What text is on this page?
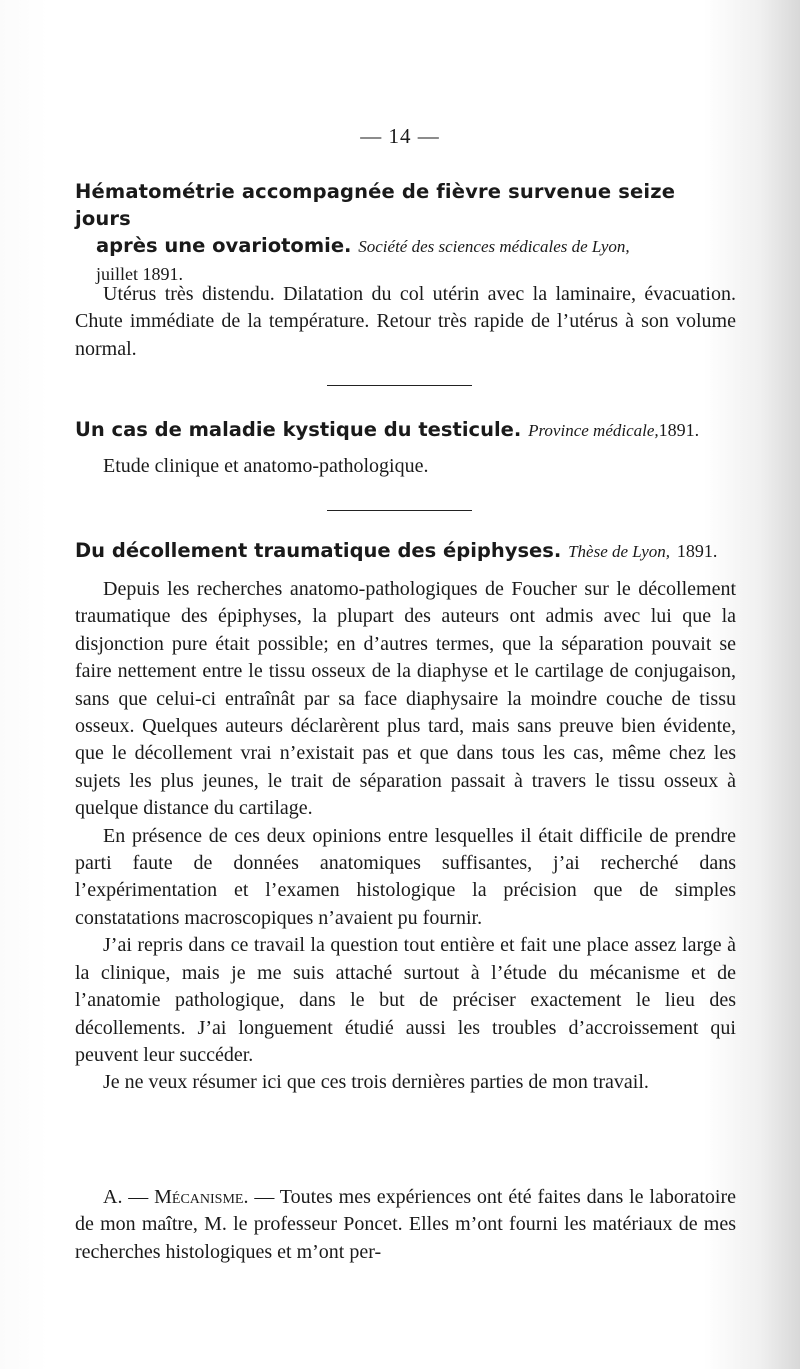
— 14 —

Hématométrie accompagnée de fièvre survenue seize jours

après une ovariotomie. Société des sciences médicales de Lyon,

juillet 1891.

Utérus très distendu. Dilatation du col utérin avec la laminaire, évacuation. Chute immédiate de la température. Retour très rapide de l’utérus à son volume normal.

Un cas de maladie kystique du testicule. Province médicale,1891.

Etude clinique et anatomo-pathologique.

Du décollement traumatique des épiphyses. Thèse de Lyon, 1891.

Depuis les recherches anatomo-pathologiques de Foucher sur le décollement traumatique des épiphyses, la plupart des auteurs ont admis avec lui que la disjonction pure était possible; en d’autres termes, que la séparation pouvait se faire nettement entre le tissu osseux de la diaphyse et le cartilage de conjugaison, sans que celui-ci entraînât par sa face diaphysaire la moindre couche de tissu osseux. Quelques auteurs déclarèrent plus tard, mais sans preuve bien évidente, que le décollement vrai n’existait pas et que dans tous les cas, même chez les sujets les plus jeunes, le trait de séparation passait à travers le tissu osseux à quelque distance du cartilage.

En présence de ces deux opinions entre lesquelles il était difficile de prendre parti faute de données anatomiques suffisantes, j’ai recherché dans l’expérimentation et l’examen histologique la précision que de simples constatations macroscopiques n’avaient pu fournir.

J’ai repris dans ce travail la question tout entière et fait une place assez large à la clinique, mais je me suis attaché surtout à l’étude du mécanisme et de l’anatomie pathologique, dans le but de préciser exactement le lieu des décollements. J’ai longuement étudié aussi les troubles d’accroissement qui peuvent leur succéder.

Je ne veux résumer ici que ces trois dernières parties de mon travail.

A. — Mécanisme. — Toutes mes expériences ont été faites dans le laboratoire de mon maître, M. le professeur Poncet. Elles m’ont fourni les matériaux de mes recherches histologiques et m’ont per-
